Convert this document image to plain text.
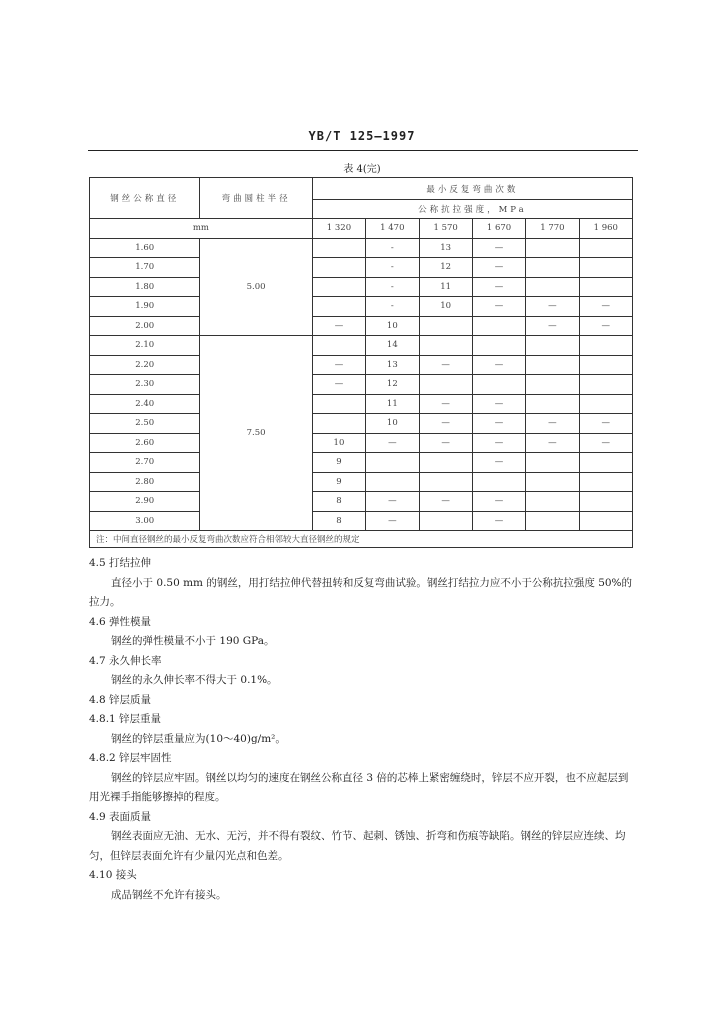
YB/T 125—1997
表 4(完)
钢丝公称直径	弯曲圆柱半径	最小反复弯曲次数					
		公称抗拉强度，MPa					
mm		1 320	1 470	1 570	1 670	1 770	1 960
1.60	5.00		-	13	—		
1.70			-	12	—		
1.80			-	11	—		
1.90			-	10	—	—	—
2.00		—	10			—	—
2.10	7.50		14				
2.20		—	13	—	—		
2.30		—	12				
2.40			11	—	—		
2.50			10	—	—	—	—
2.60		10	—	—	—	—	—
2.70		9			—		
2.80		9					
2.90		8	—	—	—		
3.00		8	—		—		
注：中间直径钢丝的最小反复弯曲次数应符合相邻较大直径钢丝的规定							

4.5 打结拉伸

直径小于 0.50 mm 的钢丝，用打结拉伸代替扭转和反复弯曲试验。钢丝打结拉力应不小于公称抗拉强度 50%的拉力。

4.6 弹性模量

钢丝的弹性模量不小于 190 GPa。

4.7 永久伸长率

钢丝的永久伸长率不得大于 0.1%。

4.8 锌层质量

4.8.1 锌层重量

钢丝的锌层重量应为(10～40)g/m²。

4.8.2 锌层牢固性

钢丝的锌层应牢固。钢丝以均匀的速度在钢丝公称直径 3 倍的芯棒上紧密缠绕时，锌层不应开裂，也不应起层到用光裸手指能够擦掉的程度。

4.9 表面质量

钢丝表面应无油、无水、无污，并不得有裂纹、竹节、起刺、锈蚀、折弯和伤痕等缺陷。钢丝的锌层应连续、均匀，但锌层表面允许有少量闪光点和色差。

4.10 接头

成品钢丝不允许有接头。
